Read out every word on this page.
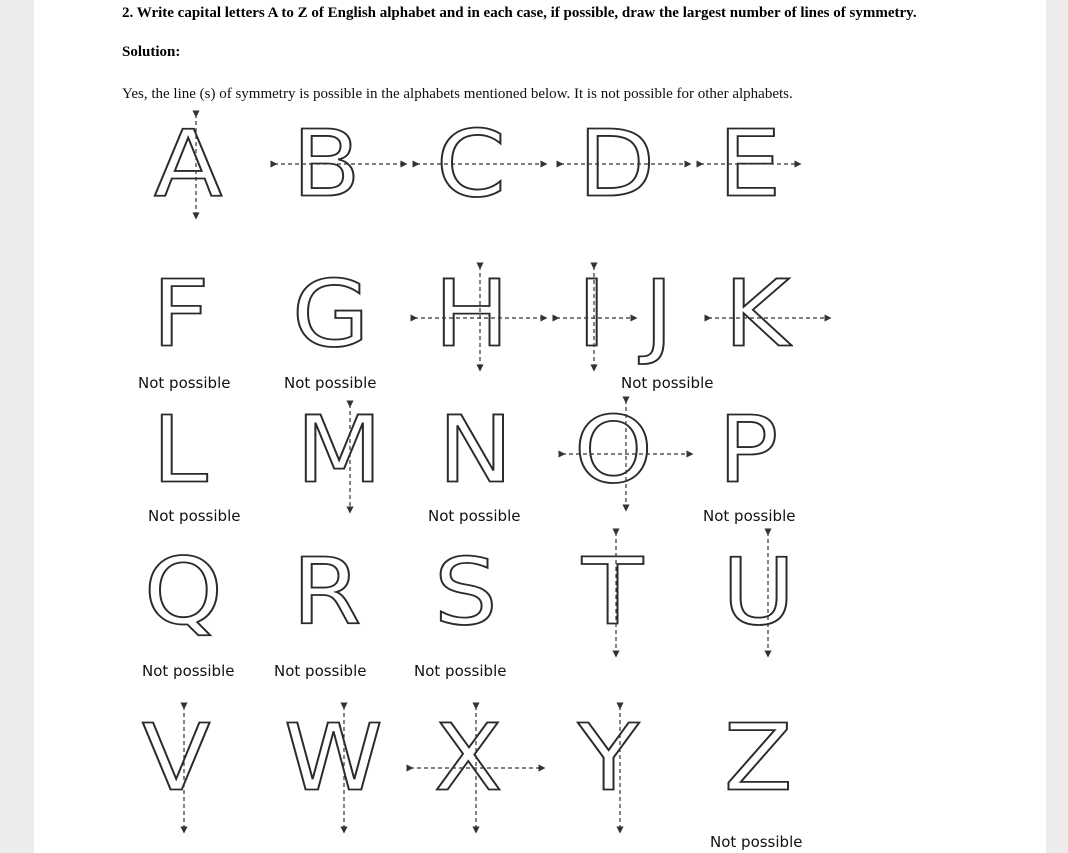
2. Write capital letters A to Z of English alphabet and in each case, if possible, draw the largest number of lines of symmetry.
Solution:
Yes, the line (s) of symmetry is possible in the alphabets mentioned below. It is not possible for other alphabets.
A B C D E
F G H I J K
Not possible	Not possible	Not possible
L M N O P
Not possible	Not possible	Not possible
Q R S T U
Not possible	Not possible	Not possible
V W X Y Z
Not possible
